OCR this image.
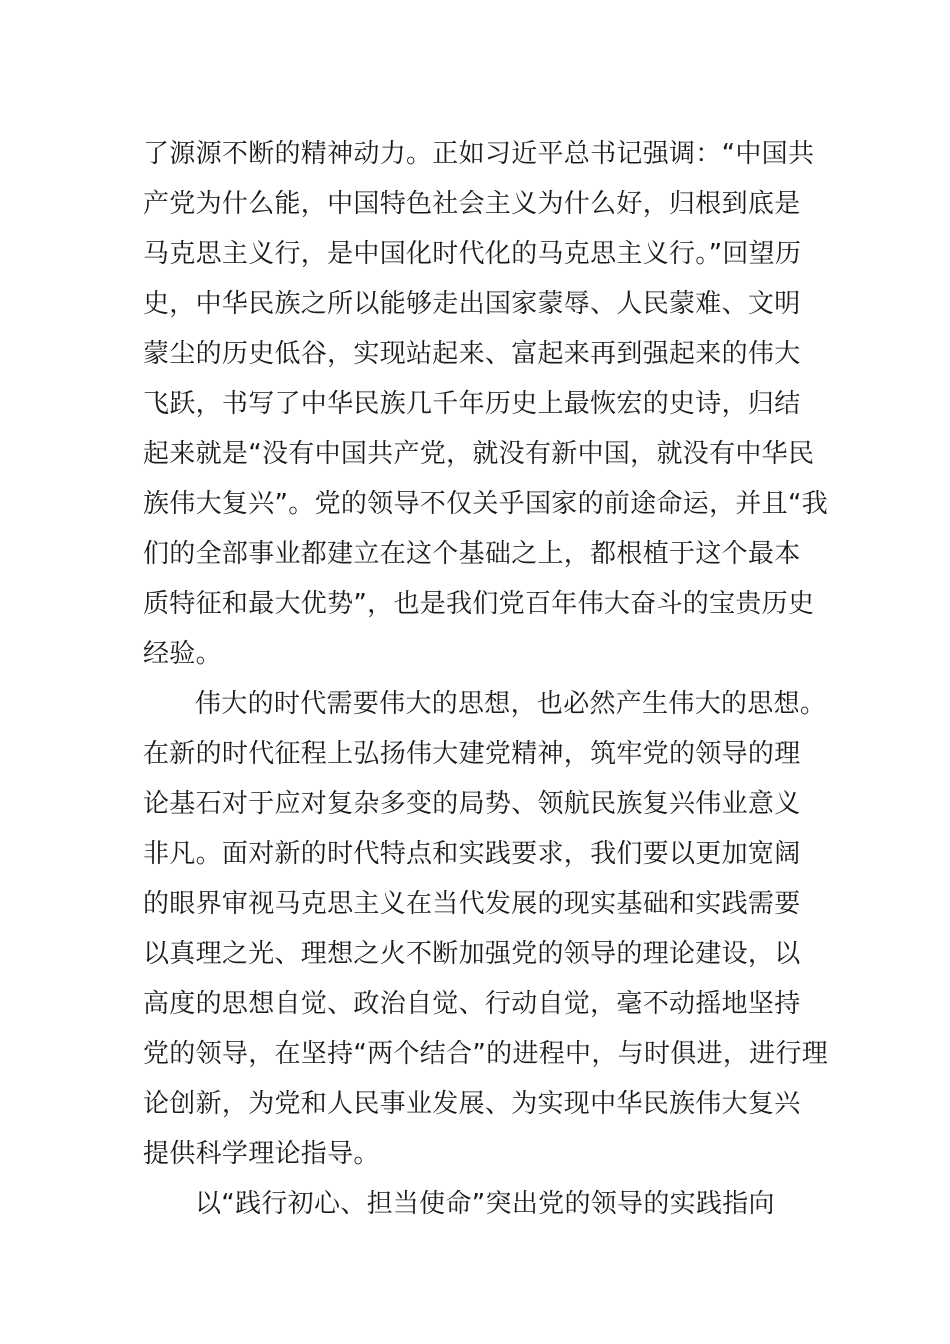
了源源不断的精神动力。正如习近平总书记强调：“中国共
产党为什么能，中国特色社会主义为什么好，归根到底是
马克思主义行，是中国化时代化的马克思主义行。”回望历
史，中华民族之所以能够走出国家蒙辱、人民蒙难、文明
蒙尘的历史低谷，实现站起来、富起来再到强起来的伟大
飞跃，书写了中华民族几千年历史上最恢宏的史诗，归结
起来就是“没有中国共产党，就没有新中国，就没有中华民
族伟大复兴”。党的领导不仅关乎国家的前途命运，并且“我
们的全部事业都建立在这个基础之上，都根植于这个最本
质特征和最大优势”，也是我们党百年伟大奋斗的宝贵历史
经验。
伟大的时代需要伟大的思想，也必然产生伟大的思想。
在新的时代征程上弘扬伟大建党精神，筑牢党的领导的理
论基石对于应对复杂多变的局势、领航民族复兴伟业意义
非凡。面对新的时代特点和实践要求，我们要以更加宽阔
的眼界审视马克思主义在当代发展的现实基础和实践需要
以真理之光、理想之火不断加强党的领导的理论建设，以
高度的思想自觉、政治自觉、行动自觉，毫不动摇地坚持
党的领导，在坚持“两个结合”的进程中，与时俱进，进行理
论创新，为党和人民事业发展、为实现中华民族伟大复兴
提供科学理论指导。
以“践行初心、担当使命”突出党的领导的实践指向
